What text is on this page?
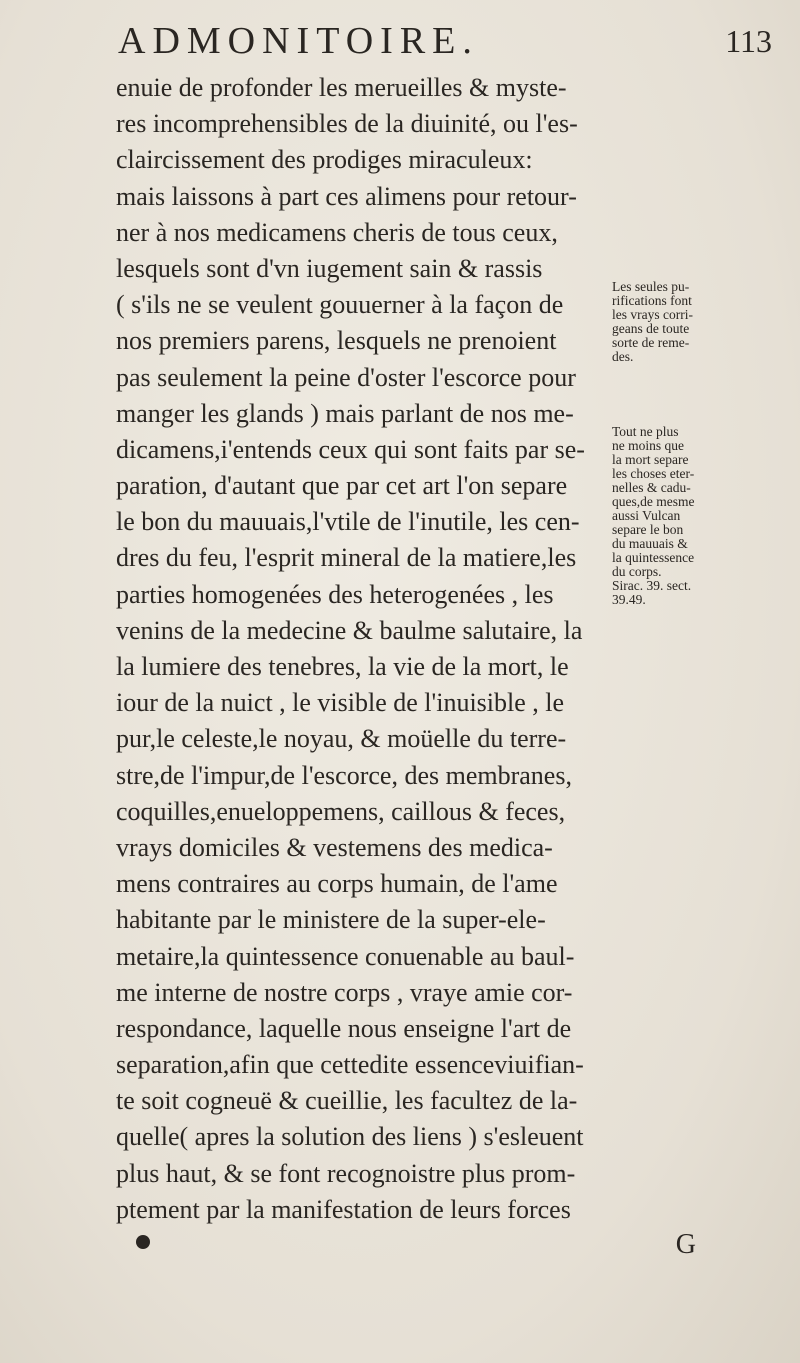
ADMONITOIRE.	113
enuie de profonder les merueilles & myste-
res incomprehensibles de la diuinité, ou l'es-
claircissement des prodiges miraculeux:
mais laissons à part ces alimens pour retour-
ner à nos medicamens cheris de tous ceux,
lesquels sont d'vn iugement sain & rassis
( s'ils ne se veulent gouuerner à la façon de
nos premiers parens, lesquels ne prenoient
pas seulement la peine d'oster l'escorce pour
manger les glands ) mais parlant de nos me-
dicamens,i'entends ceux qui sont faits par se-
paration, d'autant que par cet art l'on separe
le bon du mauuais,l'vtile de l'inutile, les cen-
dres du feu, l'esprit mineral de la matiere,les
parties homogenées des heterogenées , les
venins de la medecine & baulme salutaire, la
la lumiere des tenebres, la vie de la mort, le
iour de la nuict , le visible de l'inuisible , le
pur,le celeste,le noyau, & moüelle du terre-
stre,de l'impur,de l'escorce, des membranes,
coquilles,enueloppemens, caillous & feces,
vrays domiciles & vestemens des medica-
mens contraires au corps humain, de l'ame
habitante par le ministere de la super-ele-
metaire,la quintessence conuenable au baul-
me interne de nostre corps , vraye amie cor-
respondance, laquelle nous enseigne l'art de
separation,afin que cettedite essenceviuifian-
te soit cogneuë & cueillie, les facultez de la-
quelle( apres la solution des liens ) s'esleuent
plus haut, & se font recognoistre plus prom-
ptement par la manifestation de leurs forces
Les seules pu-
rifications font
les vrays corri-
geans de toute
sorte de reme-
des.
Tout ne plus
ne moins que
la mort separe
les choses eter-
nelles & cadu-
ques,de mesme
aussi Vulcan
separe le bon
du mauuais &
la quintessence
du corps.
Sirac. 39. sect.
39.49.
G
